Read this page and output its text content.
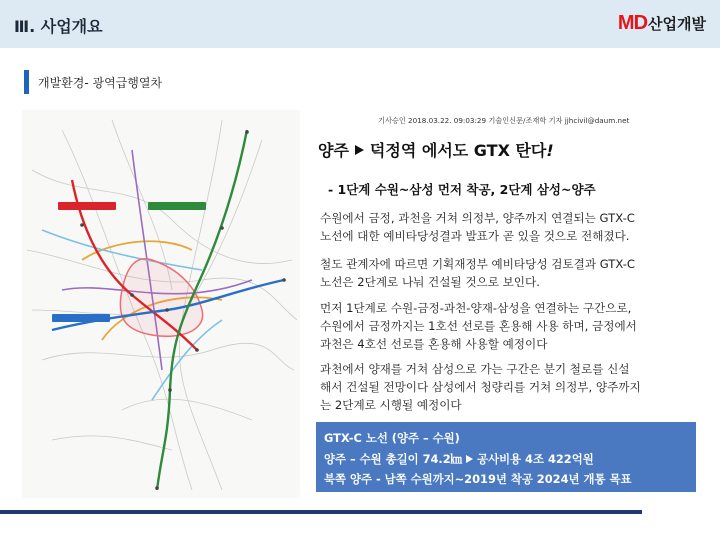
Ⅲ. 사업개요	MD 산업개발
개발환경- 광역급행열차
기사승인 2018.03.22. 09:03:29 기술인신문/조재학 기자 jjhcivil@daum.net
양주 덕정역 에서도 GTX 탄다!
- 1단계 수원~삼성 먼저 착공, 2단계 삼성~양주

수원에서 금정, 과천을 거쳐 의정부, 양주까지 연결되는 GTX-C
노선에 대한 예비타당성결과 발표가 곧 있을 것으로 전해졌다.

철도 관계자에 따르면 기획재정부 예비타당성 검토결과 GTX-C
노선은 2단계로 나눠 건설될 것으로 보인다.

먼저 1단계로 수원-금정-과천-양재-삼성을 연결하는 구간으로,
수원에서 금정까지는 1호선 선로를 혼용해 사용 하며, 금정에서
과천은 4호선 선로를 혼용해 사용할 예정이다

과천에서 양재를 거쳐 삼성으로 가는 구간은 분기 철로를 신설
해서 건설될 전망이다 삼성에서 청량리를 거쳐 의정부, 양주까지
는 2단계로 시행될 예정이다

GTX-C 노선 (양주 – 수원)
양주 – 수원 총길이 74.2㎞ 공사비용 4조 422억원
북쪽 양주 - 남쪽 수원까지~2019년 착공 2024년 개통 목표
